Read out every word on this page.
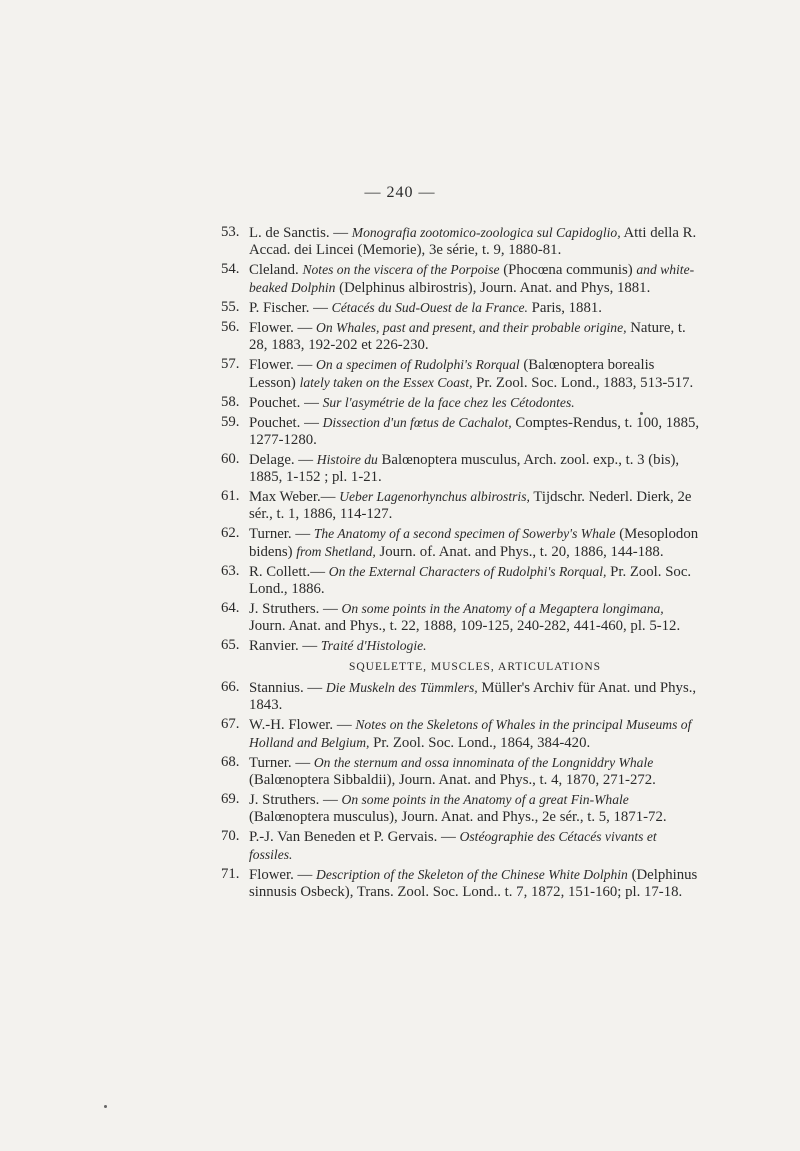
— 240 —
53. L. de Sanctis. — Monografia zootomico-zoologica sul Capidoglio, Atti della R. Accad. dei Lincei (Memorie), 3e série, t. 9, 1880-81.
54. Cleland. Notes on the viscera of the Porpoise (Phocœna communis) and white-beaked Dolphin (Delphinus albirostris), Journ. Anat. and Phys, 1881.
55. P. Fischer. — Cétacés du Sud-Ouest de la France. Paris, 1881.
56. Flower. — On Whales, past and present, and their probable origine, Nature, t. 28, 1883, 192-202 et 226-230.
57. Flower. — On a specimen of Rudolphi's Rorqual (Balœnoptera borealis Lesson) lately taken on the Essex Coast, Pr. Zool. Soc. Lond., 1883, 513-517.
58. Pouchet. — Sur l'asymétrie de la face chez les Cétodontes.
59. Pouchet. — Dissection d'un fœtus de Cachalot, Comptes-Rendus, t. 100, 1885, 1277-1280.
60. Delage. — Histoire du Balœnoptera musculus, Arch. zool. exp., t. 3 (bis), 1885, 1-152 ; pl. 1-21.
61. Max Weber.— Ueber Lagenorhynchus albirostris, Tijdschr. Nederl. Dierk, 2e sér., t. 1, 1886, 114-127.
62. Turner. — The Anatomy of a second specimen of Sowerby's Whale (Mesoplodon bidens) from Shetland, Journ. of. Anat. and Phys., t. 20, 1886, 144-188.
63. R. Collett.— On the External Characters of Rudolphi's Rorqual, Pr. Zool. Soc. Lond., 1886.
64. J. Struthers. — On some points in the Anatomy of a Megaptera longimana, Journ. Anat. and Phys., t. 22, 1888, 109-125, 240-282, 441-460, pl. 5-12.
65. Ranvier. — Traité d'Histologie.
SQUELETTE, MUSCLES, ARTICULATIONS
66. Stannius. — Die Muskeln des Tümmlers, Müller's Archiv für Anat. und Phys., 1843.
67. W.-H. Flower. — Notes on the Skeletons of Whales in the principal Museums of Holland and Belgium, Pr. Zool. Soc. Lond., 1864, 384-420.
68. Turner. — On the sternum and ossa innominata of the Longniddry Whale (Balœnoptera Sibbaldii), Journ. Anat. and Phys., t. 4, 1870, 271-272.
69. J. Struthers. — On some points in the Anatomy of a great Fin-Whale (Balœnoptera musculus), Journ. Anat. and Phys., 2e sér., t. 5, 1871-72.
70. P.-J. Van Beneden et P. Gervais. — Ostéographie des Cétacés vivants et fossiles.
71. Flower. — Description of the Skeleton of the Chinese White Dolphin (Delphinus sinnusis Osbeck), Trans. Zool. Soc. Lond.. t. 7, 1872, 151-160; pl. 17-18.
